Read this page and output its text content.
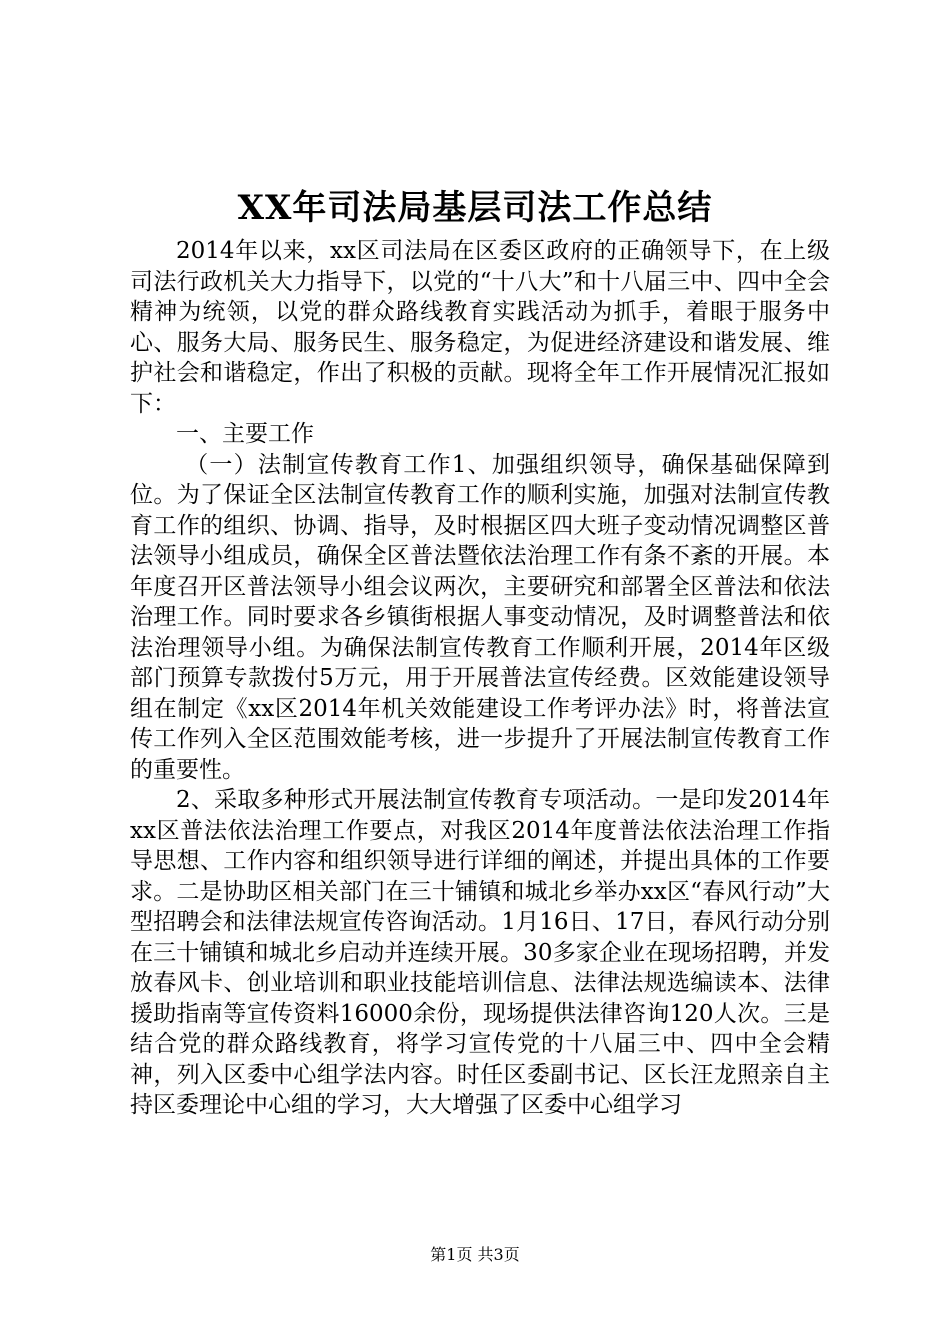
XX年司法局基层司法工作总结

2014年以来，xx区司法局在区委区政府的正确领导下，在上级司法行政机关大力指导下，以党的“十八大”和十八届三中、四中全会精神为统领，以党的群众路线教育实践活动为抓手，着眼于服务中心、服务大局、服务民生、服务稳定，为促进经济建设和谐发展、维护社会和谐稳定，作出了积极的贡献。现将全年工作开展情况汇报如下：

一、主要工作

（一）法制宣传教育工作1、加强组织领导，确保基础保障到位。为了保证全区法制宣传教育工作的顺利实施，加强对法制宣传教育工作的组织、协调、指导，及时根据区四大班子变动情况调整区普法领导小组成员，确保全区普法暨依法治理工作有条不紊的开展。本年度召开区普法领导小组会议两次，主要研究和部署全区普法和依法治理工作。同时要求各乡镇街根据人事变动情况，及时调整普法和依法治理领导小组。为确保法制宣传教育工作顺利开展，2014年区级部门预算专款拨付5万元，用于开展普法宣传经费。区效能建设领导组在制定《xx区2014年机关效能建设工作考评办法》时，将普法宣传工作列入全区范围效能考核，进一步提升了开展法制宣传教育工作的重要性。

2、采取多种形式开展法制宣传教育专项活动。一是印发2014年xx区普法依法治理工作要点，对我区2014年度普法依法治理工作指导思想、工作内容和组织领导进行详细的阐述，并提出具体的工作要求。二是协助区相关部门在三十铺镇和城北乡举办xx区“春风行动”大型招聘会和法律法规宣传咨询活动。1月16日、17日，春风行动分别在三十铺镇和城北乡启动并连续开展。30多家企业在现场招聘，并发放春风卡、创业培训和职业技能培训信息、法律法规选编读本、法律援助指南等宣传资料16000余份，现场提供法律咨询120人次。三是结合党的群众路线教育，将学习宣传党的十八届三中、四中全会精神，列入区委中心组学法内容。时任区委副书记、区长汪龙照亲自主持区委理论中心组的学习，大大增强了区委中心组学习

第1页 共3页
